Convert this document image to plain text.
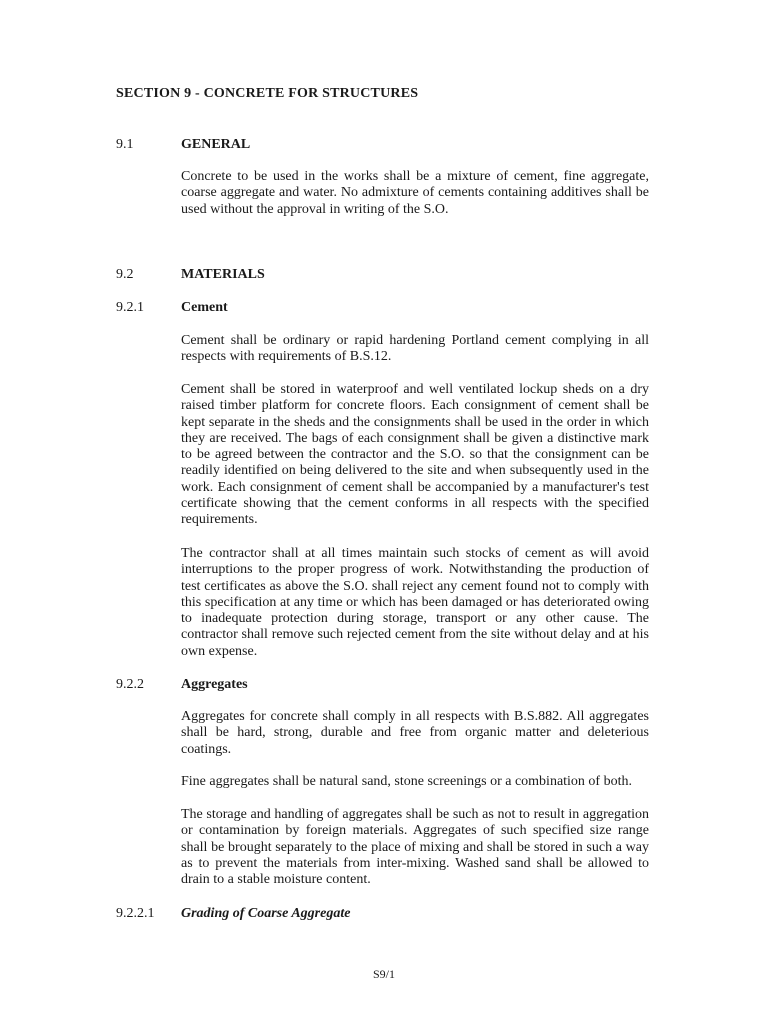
SECTION 9 - CONCRETE FOR STRUCTURES
9.1	GENERAL

Concrete to be used in the works shall be a mixture of cement, fine aggregate, coarse aggregate and water. No admixture of cements containing additives shall be used without the approval in writing of the S.O.

9.2	MATERIALS
9.2.1	Cement

Cement shall be ordinary or rapid hardening Portland cement complying in all respects with requirements of B.S.12.

Cement shall be stored in waterproof and well ventilated lockup sheds on a dry raised timber platform for concrete floors. Each consignment of cement shall be kept separate in the sheds and the consignments shall be used in the order in which they are received. The bags of each consignment shall be given a distinctive mark to be agreed between the contractor and the S.O. so that the consignment can be readily identified on being delivered to the site and when subsequently used in the work. Each consignment of cement shall be accompanied by a manufacturer's test certificate showing that the cement conforms in all respects with the specified requirements.

The contractor shall at all times maintain such stocks of cement as will avoid interruptions to the proper progress of work. Notwithstanding the production of test certificates as above the S.O. shall reject any cement found not to comply with this specification at any time or which has been damaged or has deteriorated owing to inadequate protection during storage, transport or any other cause. The contractor shall remove such rejected cement from the site without delay and at his own expense.

9.2.2	Aggregates

Aggregates for concrete shall comply in all respects with B.S.882. All aggregates shall be hard, strong, durable and free from organic matter and deleterious coatings.

Fine aggregates shall be natural sand, stone screenings or a combination of both.

The storage and handling of aggregates shall be such as not to result in aggregation or contamination by foreign materials. Aggregates of such specified size range shall be brought separately to the place of mixing and shall be stored in such a way as to prevent the materials from inter-mixing. Washed sand shall be allowed to drain to a stable moisture content.

9.2.2.1 Grading of Coarse Aggregate
S9/1
